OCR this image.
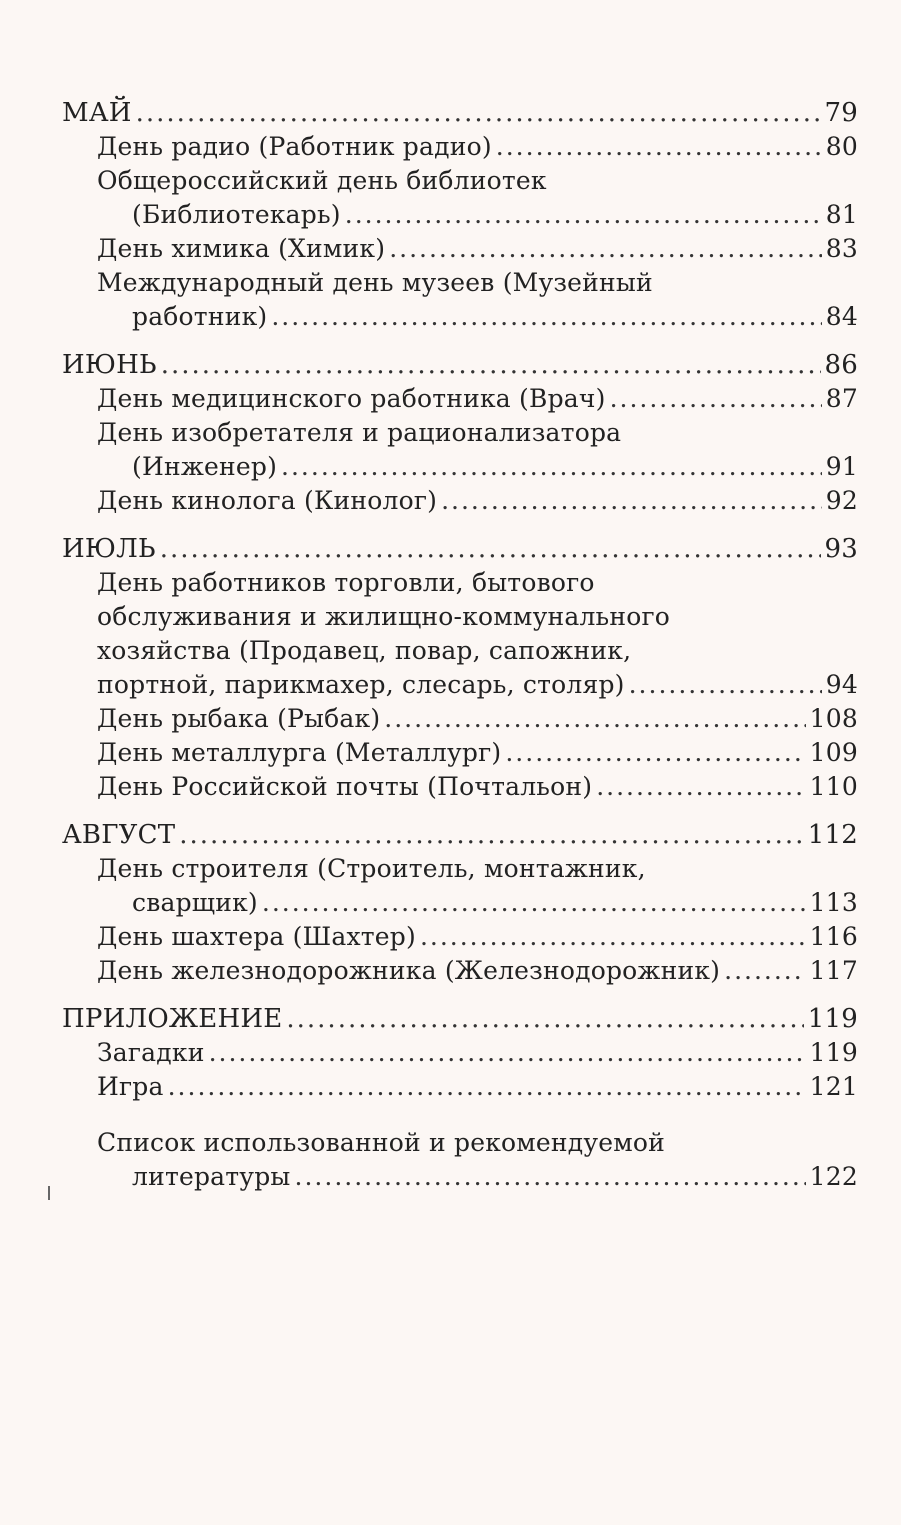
МАЙ .....	79
День радио (Работник радио) .....	80
Общероссийский день библиотек
(Библиотекарь) .....	81
День химика (Химик) .....	83
Международный день музеев (Музейный
работник) .....	84
ИЮНЬ .....	86
День медицинского работника (Врач) .....	87
День изобретателя и рационализатора
(Инженер) .....	91
День кинолога (Кинолог) .....	92
ИЮЛЬ .....	93
День работников торговли, бытового
обслуживания и жилищно-коммунального
хозяйства (Продавец, повар, сапожник,
портной, парикмахер, слесарь, столяр) .....	94
День рыбака (Рыбак) .....	108
День металлурга (Металлург) .....	109
День Российской почты (Почтальон) .....	110
АВГУСТ .....	112
День строителя (Строитель, монтажник,
сварщик) .....	113
День шахтера (Шахтер) .....	116
День железнодорожника (Железнодорожник) .....	117
ПРИЛОЖЕНИЕ .....	119
Загадки .....	119
Игра .....	121
Список использованной и рекомендуемой
литературы .....	122
